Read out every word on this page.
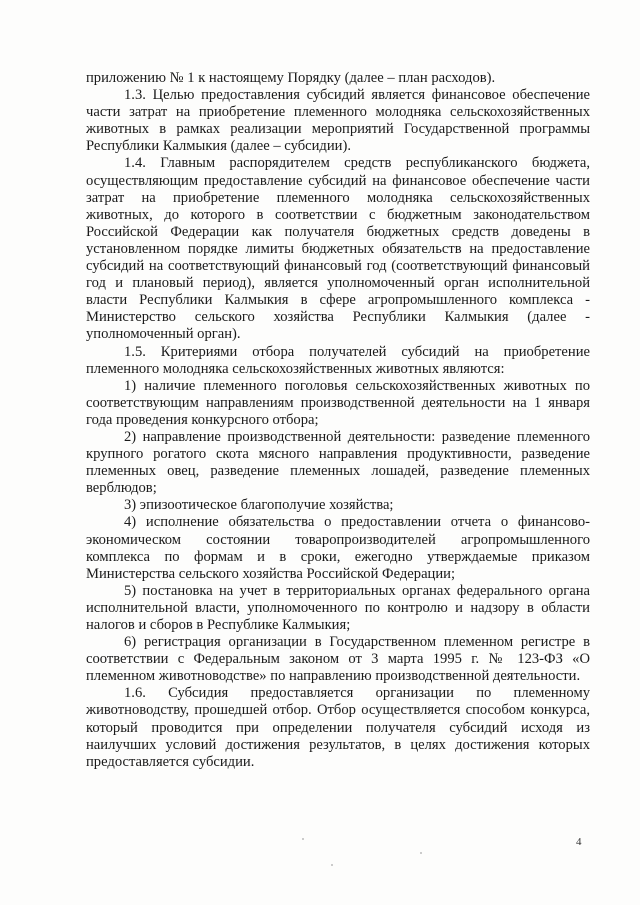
приложению № 1 к настоящему Порядку (далее – план расходов).

1.3. Целью предоставления субсидий является финансовое обеспечение части затрат на приобретение племенного молодняка сельскохозяйственных животных в рамках реализации мероприятий Государственной программы Республики Калмыкия (далее – субсидии).

1.4. Главным распорядителем средств республиканского бюджета, осуществляющим предоставление субсидий на финансовое обеспечение части затрат на приобретение племенного молодняка сельскохозяйственных животных, до которого в соответствии с бюджетным законодательством Российской Федерации как получателя бюджетных средств доведены в установленном порядке лимиты бюджетных обязательств на предоставление субсидий на соответствующий финансовый год (соответствующий финансовый год и плановый период), является уполномоченный орган исполнительной власти Республики Калмыкия в сфере агропромышленного комплекса - Министерство сельского хозяйства Республики Калмыкия (далее - уполномоченный орган).

1.5. Критериями отбора получателей субсидий на приобретение племенного молодняка сельскохозяйственных животных являются:

1) наличие племенного поголовья сельскохозяйственных животных по соответствующим направлениям производственной деятельности на 1 января года проведения конкурсного отбора;

2) направление производственной деятельности: разведение племенного крупного рогатого скота мясного направления продуктивности, разведение племенных овец, разведение племенных лошадей, разведение племенных верблюдов;

3) эпизоотическое благополучие хозяйства;

4) исполнение обязательства о предоставлении отчета о финансово-экономическом состоянии товаропроизводителей агропромышленного комплекса по формам и в сроки, ежегодно утверждаемые приказом Министерства сельского хозяйства Российской Федерации;

5) постановка на учет в территориальных органах федерального органа исполнительной власти, уполномоченного по контролю и надзору в области налогов и сборов в Республике Калмыкия;

6) регистрация организации в Государственном племенном регистре в соответствии с Федеральным законом от 3 марта 1995 г. № 123-ФЗ «О племенном животноводстве» по направлению производственной деятельности.

1.6. Субсидия предоставляется организации по племенному животноводству, прошедшей отбор. Отбор осуществляется способом конкурса, который проводится при определении получателя субсидий исходя из наилучших условий достижения результатов, в целях достижения которых предоставляется субсидии.

4
